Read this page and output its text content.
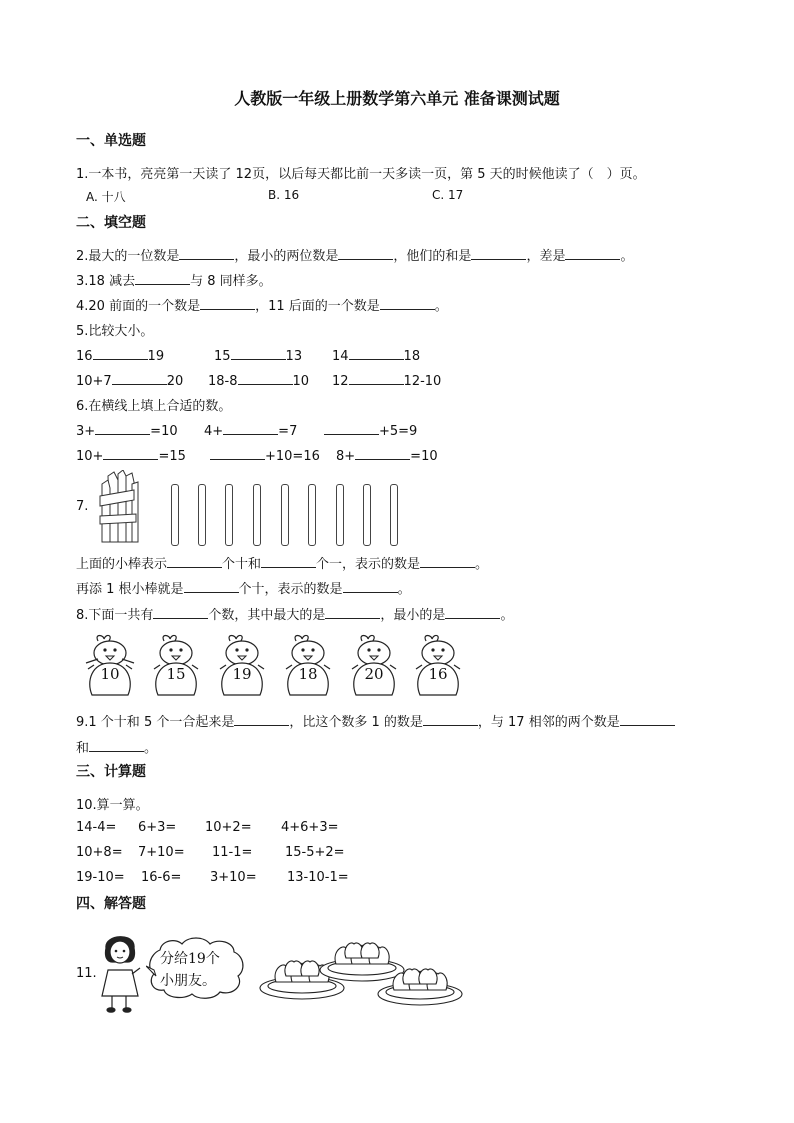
人教版一年级上册数学第六单元 准备课测试题
一、单选题
1.一本书，亮亮第一天读了 12页，以后每天都比前一天多读一页，第 5 天的时候他读了（　）页。
A. 十八	B. 16	C. 17
二、填空题
2.最大的一位数是	，最小的两位数是	，他们的和是	，差是	。
3.18 减去	与 8 同样多。
4.20 前面的一个数是	，11 后面的一个数是	。
5.比较大小。
16	19	15	13 14	18
10+7	20 18-8	10 12	12-10
6.在横线上填上合适的数。
3+	=10 4+	=7	+5=9
10+	=15	+10=16 8+	=10
7.
上面的小棒表示	个十和	个一，表示的数是	。
再添 1 根小棒就是	个十，表示的数是	。
8.下面一共有	个数，其中最大的是	，最小的是	。
10	15	19	18	20	16
9.1 个十和 5 个一合起来是	，比这个数多 1 的数是	，与 17 相邻的两个数是
和	。
三、计算题
10.算一算。
14-4= 6+3= 10+2= 4+6+3=
10+8= 7+10= 11-1=	15-5+2=
19-10= 16-6= 3+10= 13-10-1=
四、解答题
11.
分给19个
小朋友。
